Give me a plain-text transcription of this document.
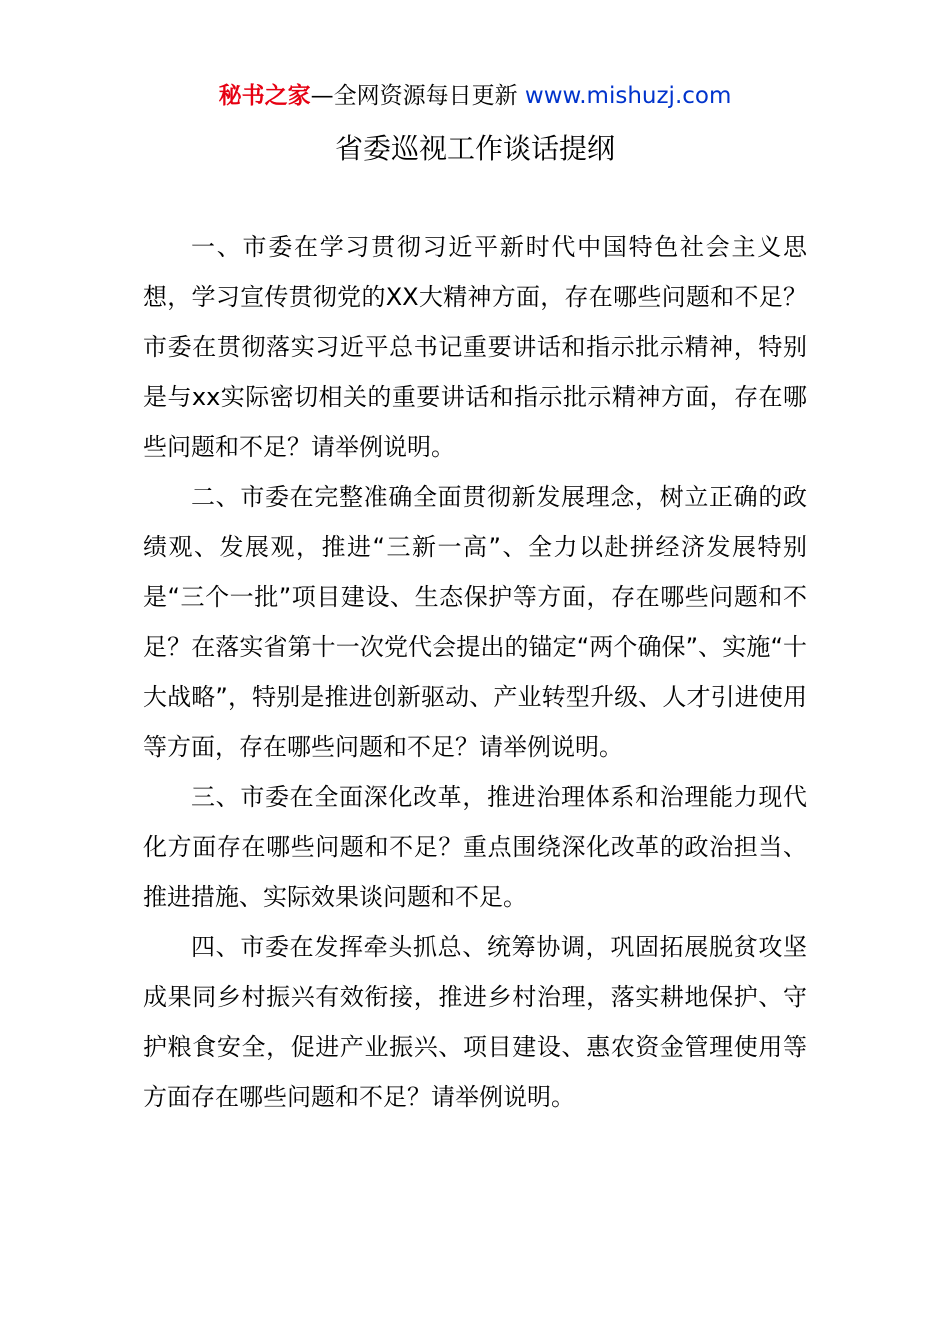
秘书之家—全网资源每日更新 www.mishuzj.com
省委巡视工作谈话提纲

一、市委在学习贯彻习近平新时代中国特色社会主义思想，学习宣传贯彻党的XX大精神方面，存在哪些问题和不足？市委在贯彻落实习近平总书记重要讲话和指示批示精神，特别是与xx实际密切相关的重要讲话和指示批示精神方面，存在哪些问题和不足？请举例说明。

二、市委在完整准确全面贯彻新发展理念，树立正确的政绩观、发展观，推进“三新一高”、全力以赴拼经济发展特别是“三个一批”项目建设、生态保护等方面，存在哪些问题和不足？在落实省第十一次党代会提出的锚定“两个确保”、实施“十大战略”，特别是推进创新驱动、产业转型升级、人才引进使用等方面，存在哪些问题和不足？请举例说明。

三、市委在全面深化改革，推进治理体系和治理能力现代化方面存在哪些问题和不足？重点围绕深化改革的政治担当、推进措施、实际效果谈问题和不足。

四、市委在发挥牵头抓总、统筹协调，巩固拓展脱贫攻坚成果同乡村振兴有效衔接，推进乡村治理，落实耕地保护、守护粮食安全，促进产业振兴、项目建设、惠农资金管理使用等方面存在哪些问题和不足？请举例说明。
